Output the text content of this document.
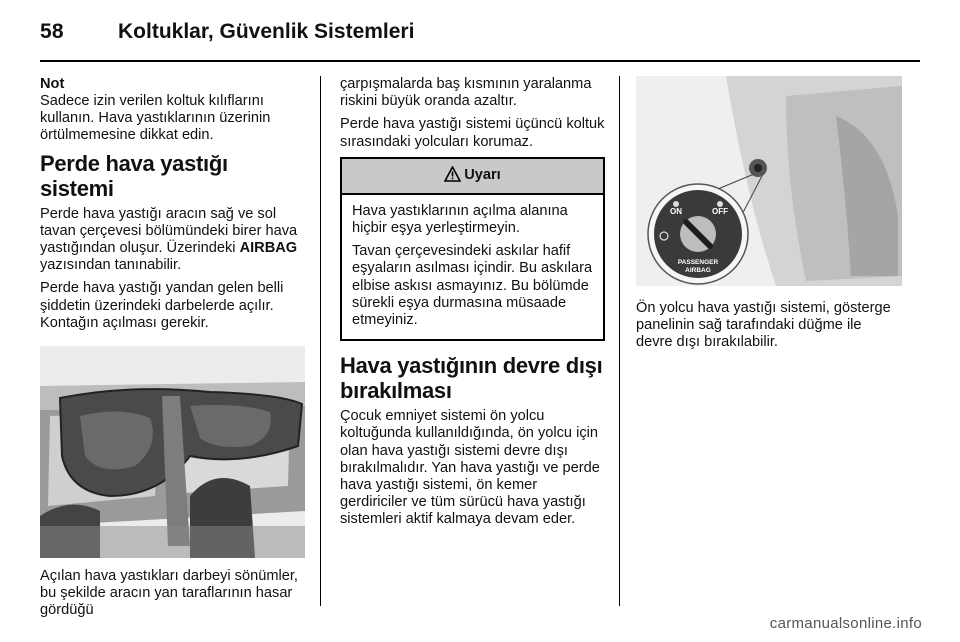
58	Koltuklar, Güvenlik Sistemleri
Not

Sadece izin verilen koltuk kılıflarını kullanın. Hava yastıklarının üzerinin örtülmemesine dikkat edin.

Perde hava yastığı sistemi

Perde hava yastığı aracın sağ ve sol tavan çerçevesi bölümündeki birer hava yastığından oluşur. Üzerindeki AIRBAG yazısından tanınabilir.

Perde hava yastığı yandan gelen belli şiddetin üzerindeki darbelerde açılır. Kontağın açılması gerekir.

Açılan hava yastıkları darbeyi sönümler, bu şekilde aracın yan taraflarının hasar gördüğü

çarpışmalarda baş kısmının yaralanma riskini büyük oranda azaltır.

Perde hava yastığı sistemi üçüncü koltuk sırasındaki yolcuları korumaz.

Uyarı

Hava yastıklarının açılma alanına hiçbir eşya yerleştirmeyin.

Tavan çerçevesindeki askılar hafif eşyaların asılması içindir. Bu askılara elbise askısı asmayınız. Bu bölümde sürekli eşya durmasına müsaade etmeyiniz.

Hava yastığının devre dışı bırakılması

Çocuk emniyet sistemi ön yolcu koltuğunda kullanıldığında, ön yolcu için olan hava yastığı sistemi devre dışı bırakılmalıdır. Yan hava yastığı ve perde hava yastığı sistemi, ön kemer gerdiriciler ve tüm sürücü hava yastığı sistemleri aktif kalmaya devam eder.

ON	OFF
PASSENGER
AIRBAG

Ön yolcu hava yastığı sistemi, gösterge panelinin sağ tarafındaki düğme ile devre dışı bırakılabilir.

carmanualsonline.info
